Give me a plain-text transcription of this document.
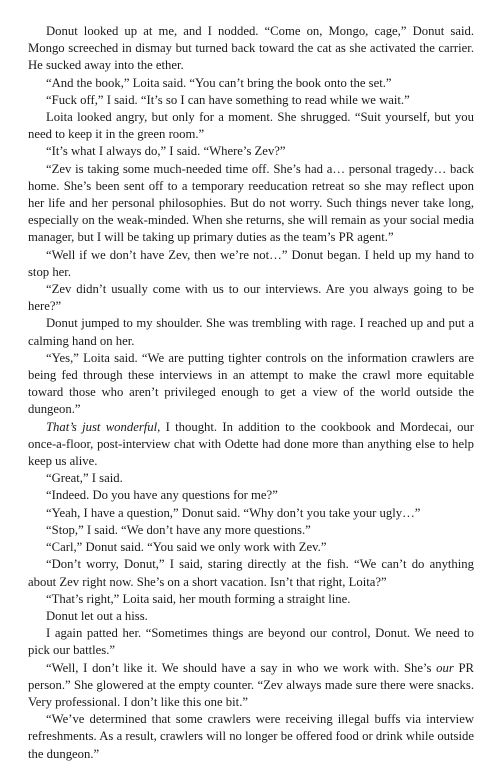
Donut looked up at me, and I nodded. “Come on, Mongo, cage,” Donut said. Mongo screeched in dismay but turned back toward the cat as she activated the carrier. He sucked away into the ether.

“And the book,” Loita said. “You can’t bring the book onto the set.”

“Fuck off,” I said. “It’s so I can have something to read while we wait.”

Loita looked angry, but only for a moment. She shrugged. “Suit yourself, but you need to keep it in the green room.”

“It’s what I always do,” I said. “Where’s Zev?”

“Zev is taking some much-needed time off. She’s had a… personal tragedy… back home. She’s been sent off to a temporary reeducation retreat so she may reflect upon her life and her personal philosophies. But do not worry. Such things never take long, especially on the weak-minded. When she returns, she will remain as your social media manager, but I will be taking up primary duties as the team’s PR agent.”

“Well if we don’t have Zev, then we’re not…” Donut began. I held up my hand to stop her.

“Zev didn’t usually come with us to our interviews. Are you always going to be here?”

Donut jumped to my shoulder. She was trembling with rage. I reached up and put a calming hand on her.

“Yes,” Loita said. “We are putting tighter controls on the information crawlers are being fed through these interviews in an attempt to make the crawl more equitable toward those who aren’t privileged enough to get a view of the world outside the dungeon.”

That’s just wonderful, I thought. In addition to the cookbook and Mordecai, our once-a-floor, post-interview chat with Odette had done more than anything else to help keep us alive.

“Great,” I said.

“Indeed. Do you have any questions for me?”

“Yeah, I have a question,” Donut said. “Why don’t you take your ugly…”

“Stop,” I said. “We don’t have any more questions.”

“Carl,” Donut said. “You said we only work with Zev.”

“Don’t worry, Donut,” I said, staring directly at the fish. “We can’t do anything about Zev right now. She’s on a short vacation. Isn’t that right, Loita?”

“That’s right,” Loita said, her mouth forming a straight line.

Donut let out a hiss.

I again patted her. “Sometimes things are beyond our control, Donut. We need to pick our battles.”

“Well, I don’t like it. We should have a say in who we work with. She’s our PR person.” She glowered at the empty counter. “Zev always made sure there were snacks. Very professional. I don’t like this one bit.”

“We’ve determined that some crawlers were receiving illegal buffs via interview refreshments. As a result, crawlers will no longer be offered food or drink while outside the dungeon.”
